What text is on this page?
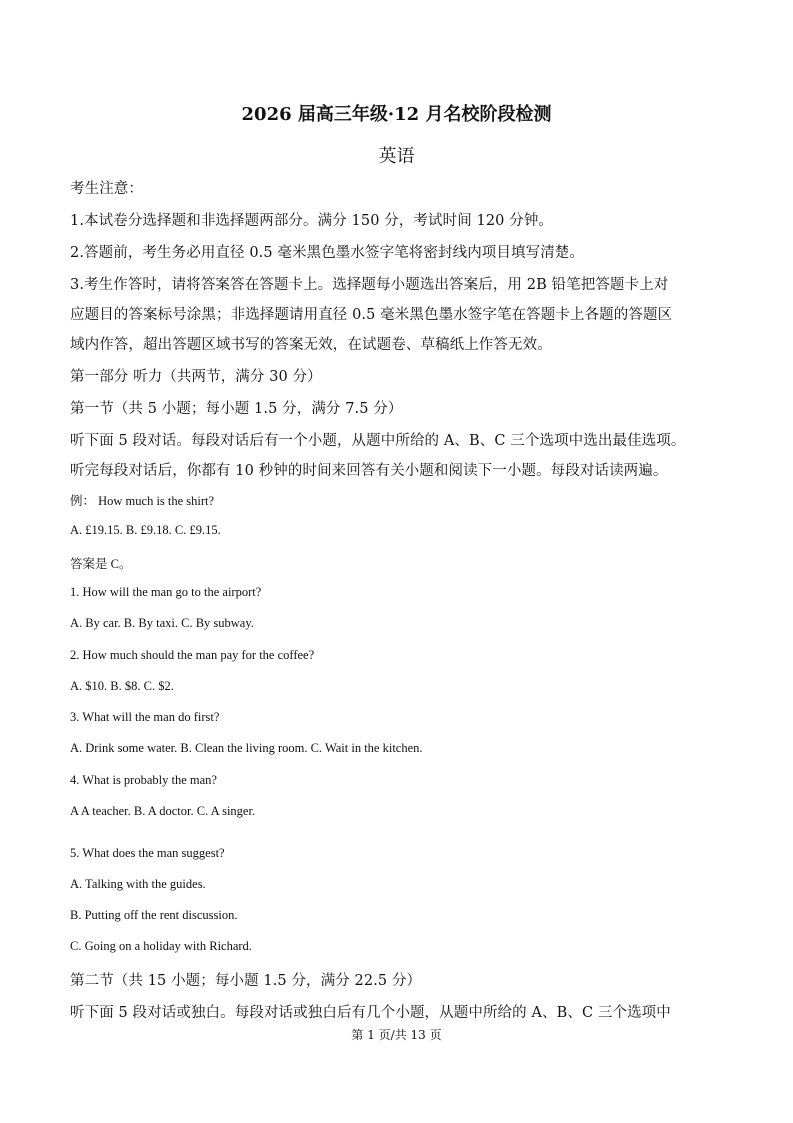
2026 届高三年级·12 月名校阶段检测
英语
考生注意：
1.本试卷分选择题和非选择题两部分。满分 150 分，考试时间 120 分钟。
2.答题前，考生务必用直径 0.5 毫米黑色墨水签字笔将密封线内项目填写清楚。
3.考生作答时，请将答案答在答题卡上。选择题每小题选出答案后，用 2B 铅笔把答题卡上对
应题目的答案标号涂黑；非选择题请用直径 0.5 毫米黑色墨水签字笔在答题卡上各题的答题区
域内作答，超出答题区域书写的答案无效，在试题卷、草稿纸上作答无效。
第一部分 听力（共两节，满分 30 分）
第一节（共 5 小题；每小题 1.5 分，满分 7.5 分）
听下面 5 段对话。每段对话后有一个小题，从题中所给的 A、B、C 三个选项中选出最佳选项。
听完每段对话后，你都有 10 秒钟的时间来回答有关小题和阅读下一小题。每段对话读两遍。
例： How much is the shirt?
A. £19.15. B. £9.18. C. £9.15.
答案是 C。
1. How will the man go to the airport?
A. By car. B. By taxi. C. By subway.
2. How much should the man pay for the coffee?
A. $10. B. $8. C. $2.
3. What will the man do first?
A. Drink some water. B. Clean the living room. C. Wait in the kitchen.
4. What is probably the man?
A A teacher. B. A doctor. C. A singer.
5. What does the man suggest?
A. Talking with the guides.
B. Putting off the rent discussion.
C. Going on a holiday with Richard.
第二节（共 15 小题；每小题 1.5 分，满分 22.5 分）
听下面 5 段对话或独白。每段对话或独白后有几个小题，从题中所给的 A、B、C 三个选项中
第 1 页/共 13 页
